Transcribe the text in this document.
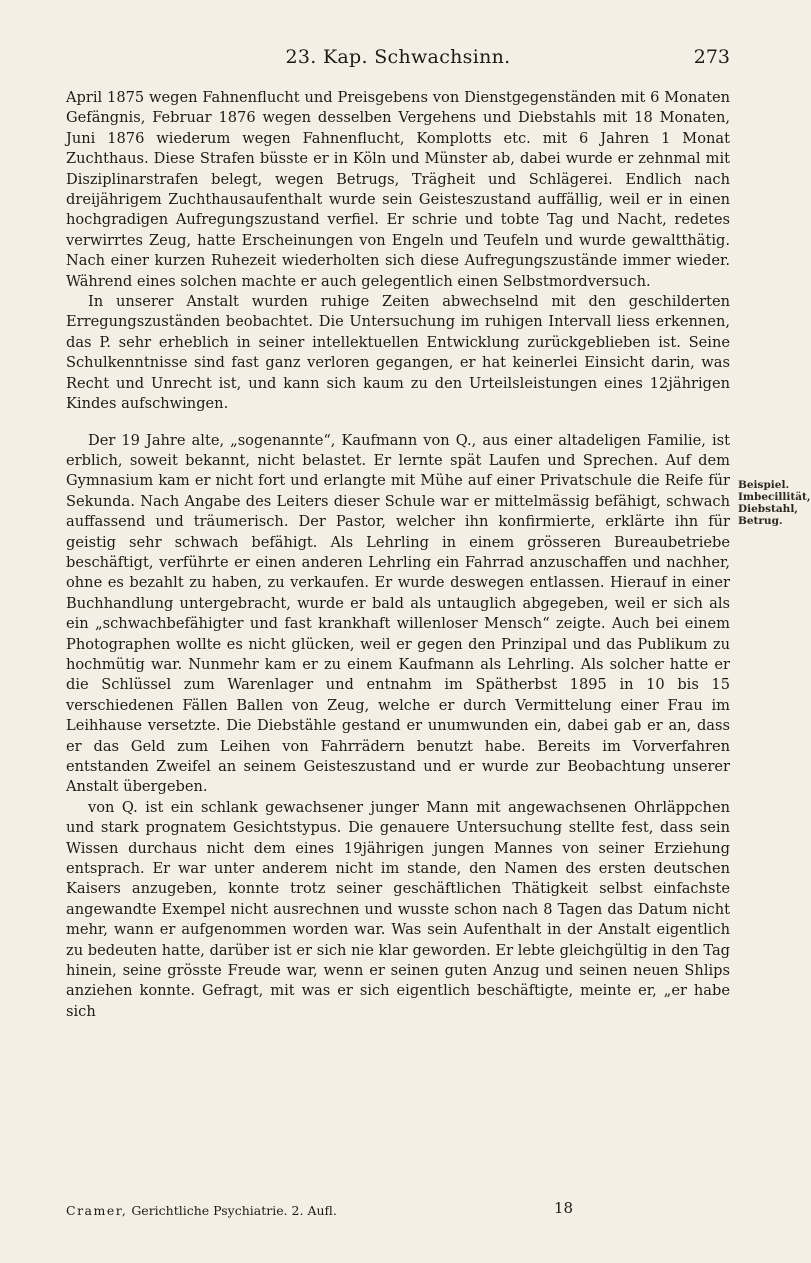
23. Kap. Schwachsinn.	273

April 1875 wegen Fahnenflucht und Preisgebens von Dienstgegenständen mit 6 Monaten Gefängnis, Februar 1876 wegen desselben Vergehens und Diebstahls mit 18 Monaten, Juni 1876 wiederum wegen Fahnenflucht, Komplotts etc. mit 6 Jahren 1 Monat Zuchthaus. Diese Strafen büsste er in Köln und Münster ab, dabei wurde er zehnmal mit Disziplinarstrafen belegt, wegen Betrugs, Trägheit und Schlägerei. Endlich nach dreijährigem Zuchthausaufenthalt wurde sein Geisteszustand auffällig, weil er in einen hochgradigen Aufregungszustand verfiel. Er schrie und tobte Tag und Nacht, redetes verwirrtes Zeug, hatte Erscheinungen von Engeln und Teufeln und wurde gewaltthätig. Nach einer kurzen Ruhezeit wiederholten sich diese Aufregungszustände immer wieder. Während eines solchen machte er auch gelegentlich einen Selbstmordversuch.

In unserer Anstalt wurden ruhige Zeiten abwechselnd mit den geschilderten Erregungszuständen beobachtet. Die Untersuchung im ruhigen Intervall liess erkennen, das P. sehr erheblich in seiner intellektuellen Entwicklung zurückgeblieben ist. Seine Schulkenntnisse sind fast ganz verloren gegangen, er hat keinerlei Einsicht darin, was Recht und Unrecht ist, und kann sich kaum zu den Urteilsleistungen eines 12jährigen Kindes aufschwingen.

Der 19 Jahre alte, „sogenannte“, Kaufmann von Q., aus einer altadeligen Familie, ist erblich, soweit bekannt, nicht belastet. Er lernte spät Laufen und Sprechen. Auf dem Gymnasium kam er nicht fort und erlangte mit Mühe auf einer Privatschule die Reife für Sekunda. Nach Angabe des Leiters dieser Schule war er mittelmässig befähigt, schwach auffassend und träumerisch. Der Pastor, welcher ihn konfirmierte, erklärte ihn für geistig sehr schwach befähigt. Als Lehrling in einem grösseren Bureaubetriebe beschäftigt, verführte er einen anderen Lehrling ein Fahrrad anzuschaffen und nachher, ohne es bezahlt zu haben, zu verkaufen. Er wurde deswegen entlassen. Hierauf in einer Buchhandlung untergebracht, wurde er bald als untauglich abgegeben, weil er sich als ein „schwachbefähigter und fast krankhaft willenloser Mensch“ zeigte. Auch bei einem Photographen wollte es nicht glücken, weil er gegen den Prinzipal und das Publikum zu hochmütig war. Nunmehr kam er zu einem Kaufmann als Lehrling. Als solcher hatte er die Schlüssel zum Warenlager und entnahm im Spätherbst 1895 in 10 bis 15 verschiedenen Fällen Ballen von Zeug, welche er durch Vermittelung einer Frau im Leihhause versetzte. Die Diebstähle gestand er unumwunden ein, dabei gab er an, dass er das Geld zum Leihen von Fahrrädern benutzt habe. Bereits im Vorverfahren entstanden Zweifel an seinem Geisteszustand und er wurde zur Beobachtung unserer Anstalt übergeben.

von Q. ist ein schlank gewachsener junger Mann mit angewachsenen Ohrläppchen und stark prognatem Gesichtstypus. Die genauere Untersuchung stellte fest, dass sein Wissen durchaus nicht dem eines 19jährigen jungen Mannes von seiner Erziehung entsprach. Er war unter anderem nicht im stande, den Namen des ersten deutschen Kaisers anzugeben, konnte trotz seiner geschäftlichen Thätigkeit selbst einfachste angewandte Exempel nicht ausrechnen und wusste schon nach 8 Tagen das Datum nicht mehr, wann er aufgenommen worden war. Was sein Aufenthalt in der Anstalt eigentlich zu bedeuten hatte, darüber ist er sich nie klar geworden. Er lebte gleichgültig in den Tag hinein, seine grösste Freude war, wenn er seinen guten Anzug und seinen neuen Shlips anziehen konnte. Gefragt, mit was er sich eigentlich beschäftigte, meinte er, „er habe sich

Beispiel.
Imbecillität,
Diebstahl,
Betrug.
Cramer, Gerichtliche Psychiatrie. 2. Aufl.	18
